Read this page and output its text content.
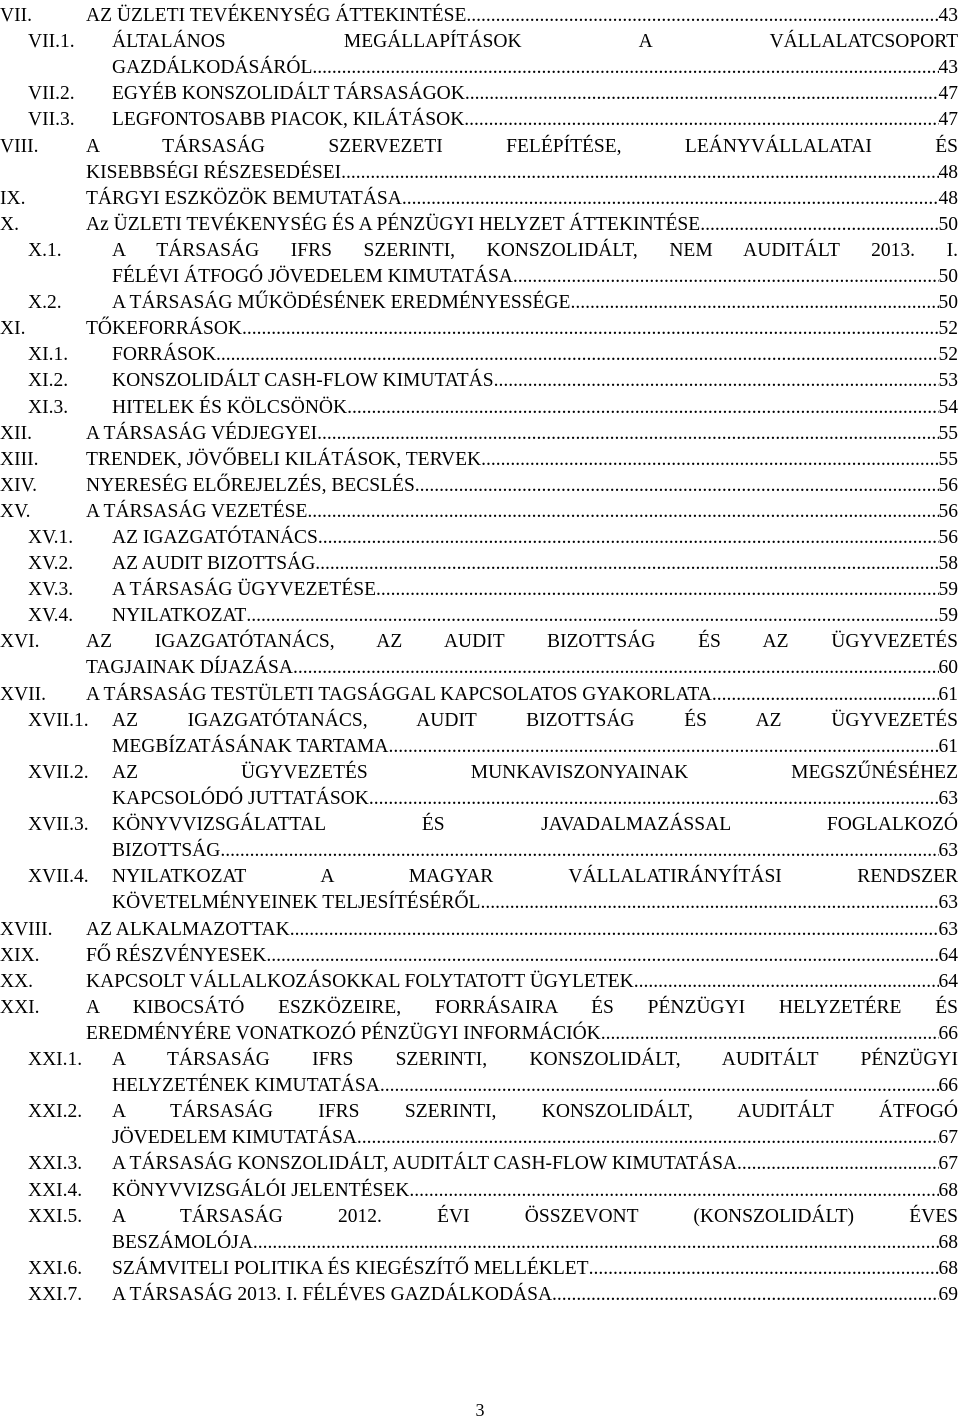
VII.	AZ ÜZLETI TEVÉKENYSÉG ÁTTEKINTÉSE .....	43
VII.1. ÁLTALÁNOS MEGÁLLAPÍTÁSOK A VÁLLALATCSOPORT
GAZDÁLKODÁSÁRÓL .....	43
VII.2. EGYÉB KONSZOLIDÁLT TÁRSASÁGOK .....	47
VII.3. LEGFONTOSABB PIACOK, KILÁTÁSOK .....	47
VIII. A TÁRSASÁG SZERVEZETI FELÉPÍTÉSE, LEÁNYVÁLLALATAI ÉS
KISEBBSÉGI RÉSZESEDÉSEI .....	48
IX.	TÁRGYI ESZKÖZÖK BEMUTATÁSA .....	48
X.	Az ÜZLETI TEVÉKENYSÉG ÉS A PÉNZÜGYI HELYZET ÁTTEKINTÉSE .....	50
X.1.	A TÁRSASÁG IFRS SZERINTI, KONSZOLIDÁLT, NEM AUDITÁLT 2013. I.
FÉLÉVI ÁTFOGÓ JÖVEDELEM KIMUTATÁSA .....	50
X.2.	A TÁRSASÁG MŰKÖDÉSÉNEK EREDMÉNYESSÉGE .....	50
XI.	TŐKEFORRÁSOK .....	52
XI.1. FORRÁSOK .....	52
XI.2. KONSZOLIDÁLT CASH-FLOW KIMUTATÁS .....	53
XI.3. HITELEK ÉS KÖLCSÖNÖK .....	54
XII.	A TÁRSASÁG VÉDJEGYEI .....	55
XIII. TRENDEK, JÖVŐBELI KILÁTÁSOK, TERVEK .....	55
XIV.	NYERESÉG ELŐREJELZÉS, BECSLÉS .....	56
XV.	A TÁRSASÁG VEZETÉSE .....	56
XV.1. AZ IGAZGATÓTANÁCS .....	56
XV.2. AZ AUDIT BIZOTTSÁG .....	58
XV.3. A TÁRSASÁG ÜGYVEZETÉSE .....	59
XV.4. NYILATKOZAT .....	59
XVI. AZ IGAZGATÓTANÁCS, AZ AUDIT BIZOTTSÁG ÉS AZ ÜGYVEZETÉS
TAGJAINAK DÍJAZÁSA .....	60
XVII. A TÁRSASÁG TESTÜLETI TAGSÁGGAL KAPCSOLATOS GYAKORLATA .....	61
XVII.1. AZ IGAZGATÓTANÁCS, AUDIT BIZOTTSÁG ÉS AZ ÜGYVEZETÉS
MEGBÍZATÁSÁNAK TARTAMA .....	61
XVII.2. AZ ÜGYVEZETÉS MUNKAVISZONYAINAK MEGSZŰNÉSÉHEZ
KAPCSOLÓDÓ JUTTATÁSOK .....	63
XVII.3. KÖNYVVIZSGÁLATTAL ÉS JAVADALMAZÁSSAL FOGLALKOZÓ
BIZOTTSÁG .....	63
XVII.4. NYILATKOZAT A MAGYAR VÁLLALATIRÁNYÍTÁSI RENDSZER
KÖVETELMÉNYEINEK TELJESÍTÉSÉRŐL .....	63
XVIII. AZ ALKALMAZOTTAK .....	63
XIX. FŐ RÉSZVÉNYESEK .....	64
XX.	KAPCSOLT VÁLLALKOZÁSOKKAL FOLYTATOTT ÜGYLETEK .....	64
XXI. A KIBOCSÁTÓ ESZKÖZEIRE, FORRÁSAIRA ÉS PÉNZÜGYI HELYZETÉRE ÉS
EREDMÉNYÉRE VONATKOZÓ PÉNZÜGYI INFORMÁCIÓK .....	66
XXI.1. A TÁRSASÁG IFRS SZERINTI, KONSZOLIDÁLT, AUDITÁLT PÉNZÜGYI
HELYZETÉNEK KIMUTATÁSA .....	66
XXI.2. A TÁRSASÁG IFRS SZERINTI, KONSZOLIDÁLT, AUDITÁLT ÁTFOGÓ
JÖVEDELEM KIMUTATÁSA .....	67
XXI.3. A TÁRSASÁG KONSZOLIDÁLT, AUDITÁLT CASH-FLOW KIMUTATÁSA .....	67
XXI.4. KÖNYVVIZSGÁLÓI JELENTÉSEK .....	68
XXI.5. A TÁRSASÁG 2012. ÉVI ÖSSZEVONT (KONSZOLIDÁLT) ÉVES
BESZÁMOLÓJA .....	68
XXI.6. SZÁMVITELI POLITIKA ÉS KIEGÉSZÍTŐ MELLÉKLET .....	68
XXI.7. A TÁRSASÁG 2013. I. FÉLÉVES GAZDÁLKODÁSA .....	69
3
